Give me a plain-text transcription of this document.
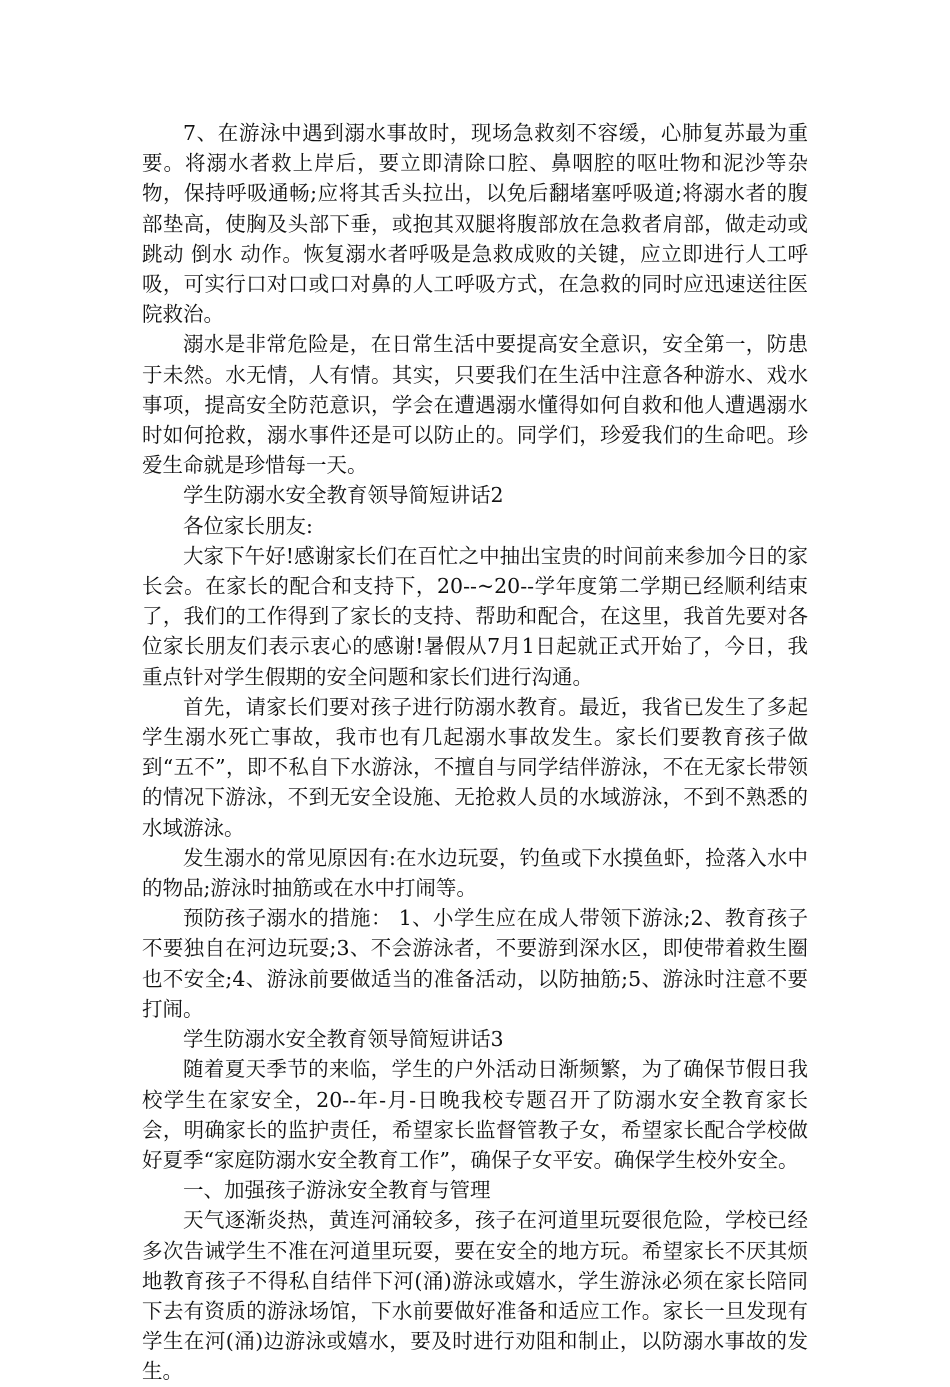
7、在游泳中遇到溺水事故时，现场急救刻不容缓，心肺复苏最为重要。将溺水者救上岸后，要立即清除口腔、鼻咽腔的呕吐物和泥沙等杂物，保持呼吸通畅;应将其舌头拉出，以免后翻堵塞呼吸道;将溺水者的腹部垫高，使胸及头部下垂，或抱其双腿将腹部放在急救者肩部，做走动或跳动 倒水 动作。恢复溺水者呼吸是急救成败的关键，应立即进行人工呼吸，可实行口对口或口对鼻的人工呼吸方式，在急救的同时应迅速送往医院救治。

溺水是非常危险是，在日常生活中要提高安全意识，安全第一，防患于未然。水无情，人有情。其实，只要我们在生活中注意各种游水、戏水事项，提高安全防范意识，学会在遭遇溺水懂得如何自救和他人遭遇溺水时如何抢救，溺水事件还是可以防止的。同学们，珍爱我们的生命吧。珍爱生命就是珍惜每一天。

学生防溺水安全教育领导简短讲话2

各位家长朋友:

大家下午好!感谢家长们在百忙之中抽出宝贵的时间前来参加今日的家长会。在家长的配合和支持下，20--~20--学年度第二学期已经顺利结束了，我们的工作得到了家长的支持、帮助和配合，在这里，我首先要对各位家长朋友们表示衷心的感谢!暑假从7月1日起就正式开始了，今日，我重点针对学生假期的安全问题和家长们进行沟通。

首先，请家长们要对孩子进行防溺水教育。最近，我省已发生了多起学生溺水死亡事故，我市也有几起溺水事故发生。家长们要教育孩子做到“五不”，即不私自下水游泳，不擅自与同学结伴游泳，不在无家长带领的情况下游泳，不到无安全设施、无抢救人员的水域游泳，不到不熟悉的水域游泳。

发生溺水的常见原因有:在水边玩耍，钓鱼或下水摸鱼虾，捡落入水中的物品;游泳时抽筋或在水中打闹等。

预防孩子溺水的措施： 1、小学生应在成人带领下游泳;2、教育孩子不要独自在河边玩耍;3、不会游泳者，不要游到深水区，即使带着救生圈也不安全;4、游泳前要做适当的准备活动，以防抽筋;5、游泳时注意不要打闹。

学生防溺水安全教育领导简短讲话3

随着夏天季节的来临，学生的户外活动日渐频繁，为了确保节假日我校学生在家安全，20--年-月-日晚我校专题召开了防溺水安全教育家长会，明确家长的监护责任，希望家长监督管教子女，希望家长配合学校做好夏季“家庭防溺水安全教育工作”，确保子女平安。确保学生校外安全。

一、加强孩子游泳安全教育与管理

天气逐渐炎热，黄连河涌较多，孩子在河道里玩耍很危险，学校已经多次告诫学生不准在河道里玩耍，要在安全的地方玩。希望家长不厌其烦地教育孩子不得私自结伴下河(涌)游泳或嬉水，学生游泳必须在家长陪同下去有资质的游泳场馆，下水前要做好准备和适应工作。家长一旦发现有学生在河(涌)边游泳或嬉水，要及时进行劝阻和制止，以防溺水事故的发生。
